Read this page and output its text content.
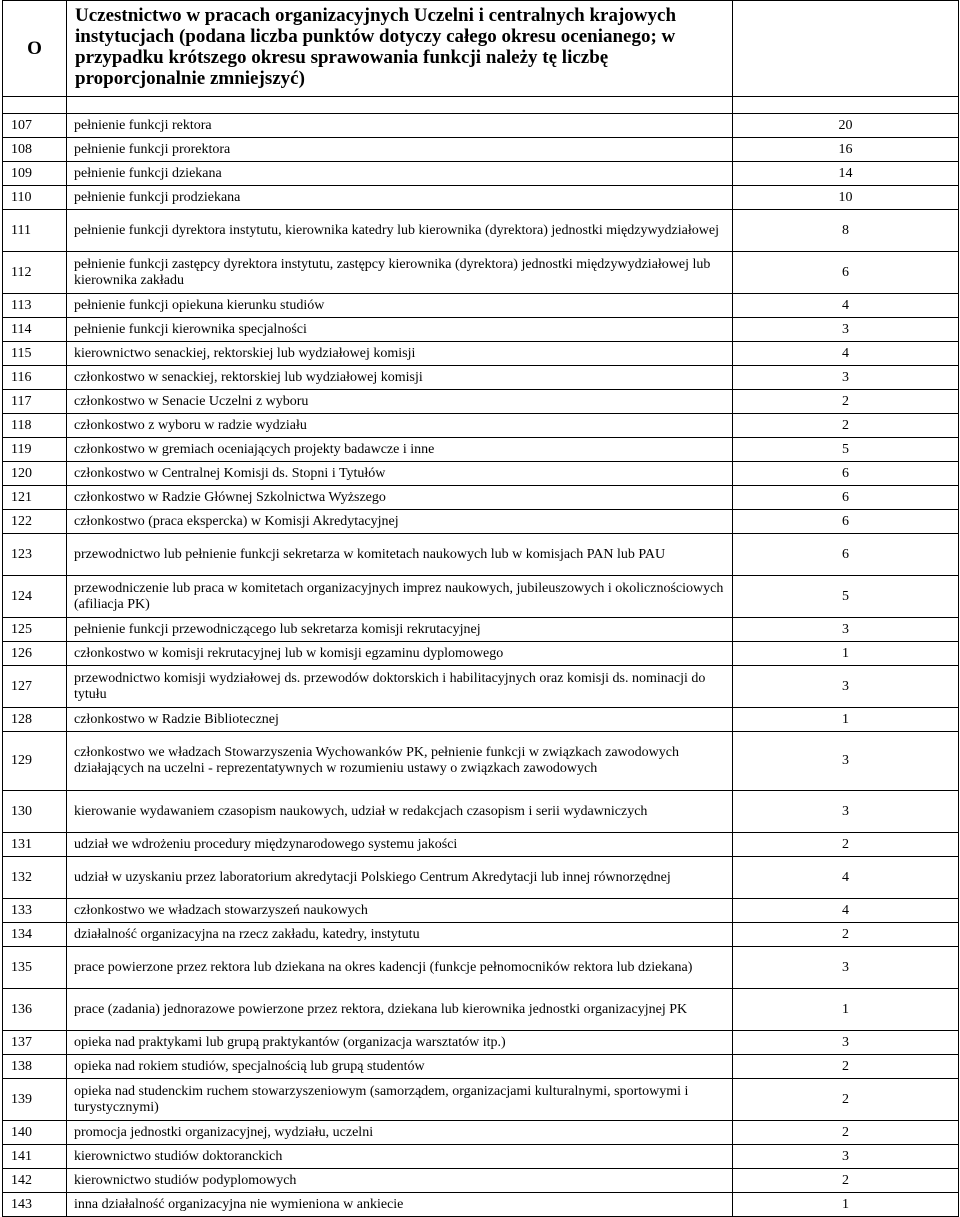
O	Uczestnictwo w pracach organizacyjnych Uczelni i centralnych krajowych instytucjach (podana liczba punktów dotyczy całego okresu ocenianego; w przypadku krótszego okresu sprawowania funkcji należy tę liczbę proporcjonalnie zmniejszyć)	

107	pełnienie funkcji rektora	20
108	pełnienie funkcji prorektora	16
109	pełnienie funkcji dziekana	14
110	pełnienie funkcji prodziekana	10
111	pełnienie funkcji dyrektora instytutu, kierownika katedry lub kierownika (dyrektora) jednostki międzywydziałowej	8
112	pełnienie funkcji zastępcy dyrektora instytutu, zastępcy kierownika (dyrektora) jednostki międzywydziałowej lub kierownika zakładu	6
113	pełnienie funkcji opiekuna kierunku studiów	4
114	pełnienie funkcji kierownika specjalności	3
115	kierownictwo senackiej, rektorskiej lub wydziałowej komisji	4
116	członkostwo w senackiej, rektorskiej lub wydziałowej komisji	3
117	członkostwo w Senacie Uczelni z wyboru	2
118	członkostwo z wyboru w radzie wydziału	2
119	członkostwo w gremiach oceniających projekty badawcze i inne	5
120	członkostwo w Centralnej Komisji ds. Stopni i Tytułów	6
121	członkostwo w Radzie Głównej Szkolnictwa Wyższego	6
122	członkostwo (praca ekspercka) w Komisji Akredytacyjnej	6
123	przewodnictwo lub pełnienie funkcji sekretarza w komitetach naukowych lub w komisjach PAN lub PAU	6
124	przewodniczenie lub praca w komitetach organizacyjnych imprez naukowych, jubileuszowych i okolicznościowych (afiliacja PK)	5
125	pełnienie funkcji przewodniczącego lub sekretarza komisji rekrutacyjnej	3
126	członkostwo w komisji rekrutacyjnej lub w komisji egzaminu dyplomowego	1
127	przewodnictwo komisji wydziałowej ds. przewodów doktorskich i habilitacyjnych oraz komisji ds. nominacji do tytułu	3
128	członkostwo w Radzie Bibliotecznej	1
129	członkostwo we władzach Stowarzyszenia Wychowanków PK, pełnienie funkcji w związkach zawodowych działających na uczelni - reprezentatywnych w rozumieniu ustawy o związkach zawodowych	3
130	kierowanie wydawaniem czasopism naukowych, udział w redakcjach czasopism i serii wydawniczych	3
131	udział we wdrożeniu procedury międzynarodowego systemu jakości	2
132	udział w uzyskaniu przez laboratorium akredytacji Polskiego Centrum Akredytacji lub innej równorzędnej	4
133	członkostwo we władzach stowarzyszeń naukowych	4
134	działalność organizacyjna na rzecz zakładu, katedry, instytutu	2
135	prace powierzone przez rektora lub dziekana na okres kadencji (funkcje pełnomocników rektora lub dziekana)	3
136	prace (zadania) jednorazowe powierzone przez rektora, dziekana lub kierownika jednostki organizacyjnej PK	1
137	opieka nad praktykami lub grupą praktykantów (organizacja warsztatów itp.)	3
138	opieka nad rokiem studiów, specjalnością lub grupą studentów	2
139	opieka nad studenckim ruchem stowarzyszeniowym (samorządem, organizacjami kulturalnymi, sportowymi i turystycznymi)	2
140	promocja jednostki organizacyjnej, wydziału, uczelni	2
141	kierownictwo studiów doktoranckich	3
142	kierownictwo studiów podyplomowych	2
143	inna działalność organizacyjna nie wymieniona w ankiecie	1
